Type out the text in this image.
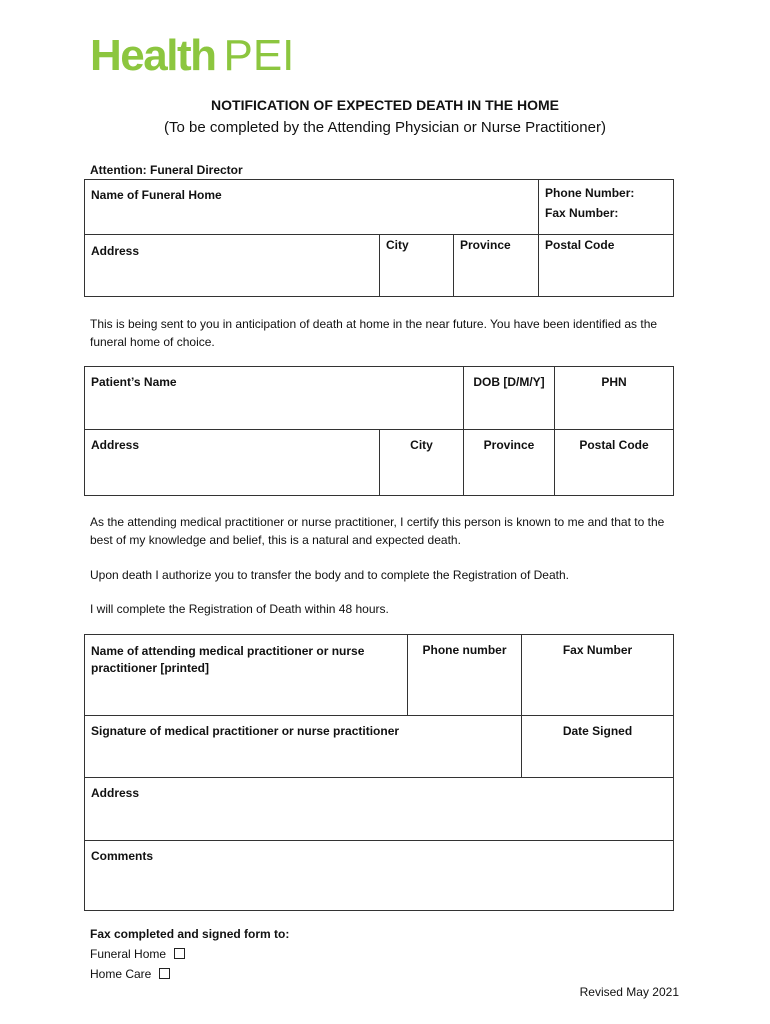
Health PEI
NOTIFICATION OF EXPECTED DEATH IN THE HOME
(To be completed by the Attending Physician or Nurse Practitioner)
Attention: Funeral Director
Name of Funeral Home			Phone Number:
Fax Number:

Address	City	Province	Postal Code
This is being sent to you in anticipation of death at home in the near future. You have been identified as the funeral home of choice.
Patient’s Name		DOB [D/M/Y]	PHN
Address	City	Province	Postal Code
As the attending medical practitioner or nurse practitioner, I certify this person is known to me and that to the best of my knowledge and belief, this is a natural and expected death.
Upon death I authorize you to transfer the body and to complete the Registration of Death.
I will complete the Registration of Death within 48 hours.
Name of attending medical practitioner or nurse practitioner [printed]	Phone number	Fax Number
Signature of medical practitioner or nurse practitioner		Date Signed
Address		
Comments		
Fax completed and signed form to:
Funeral Home
Home Care
Revised May 2021
